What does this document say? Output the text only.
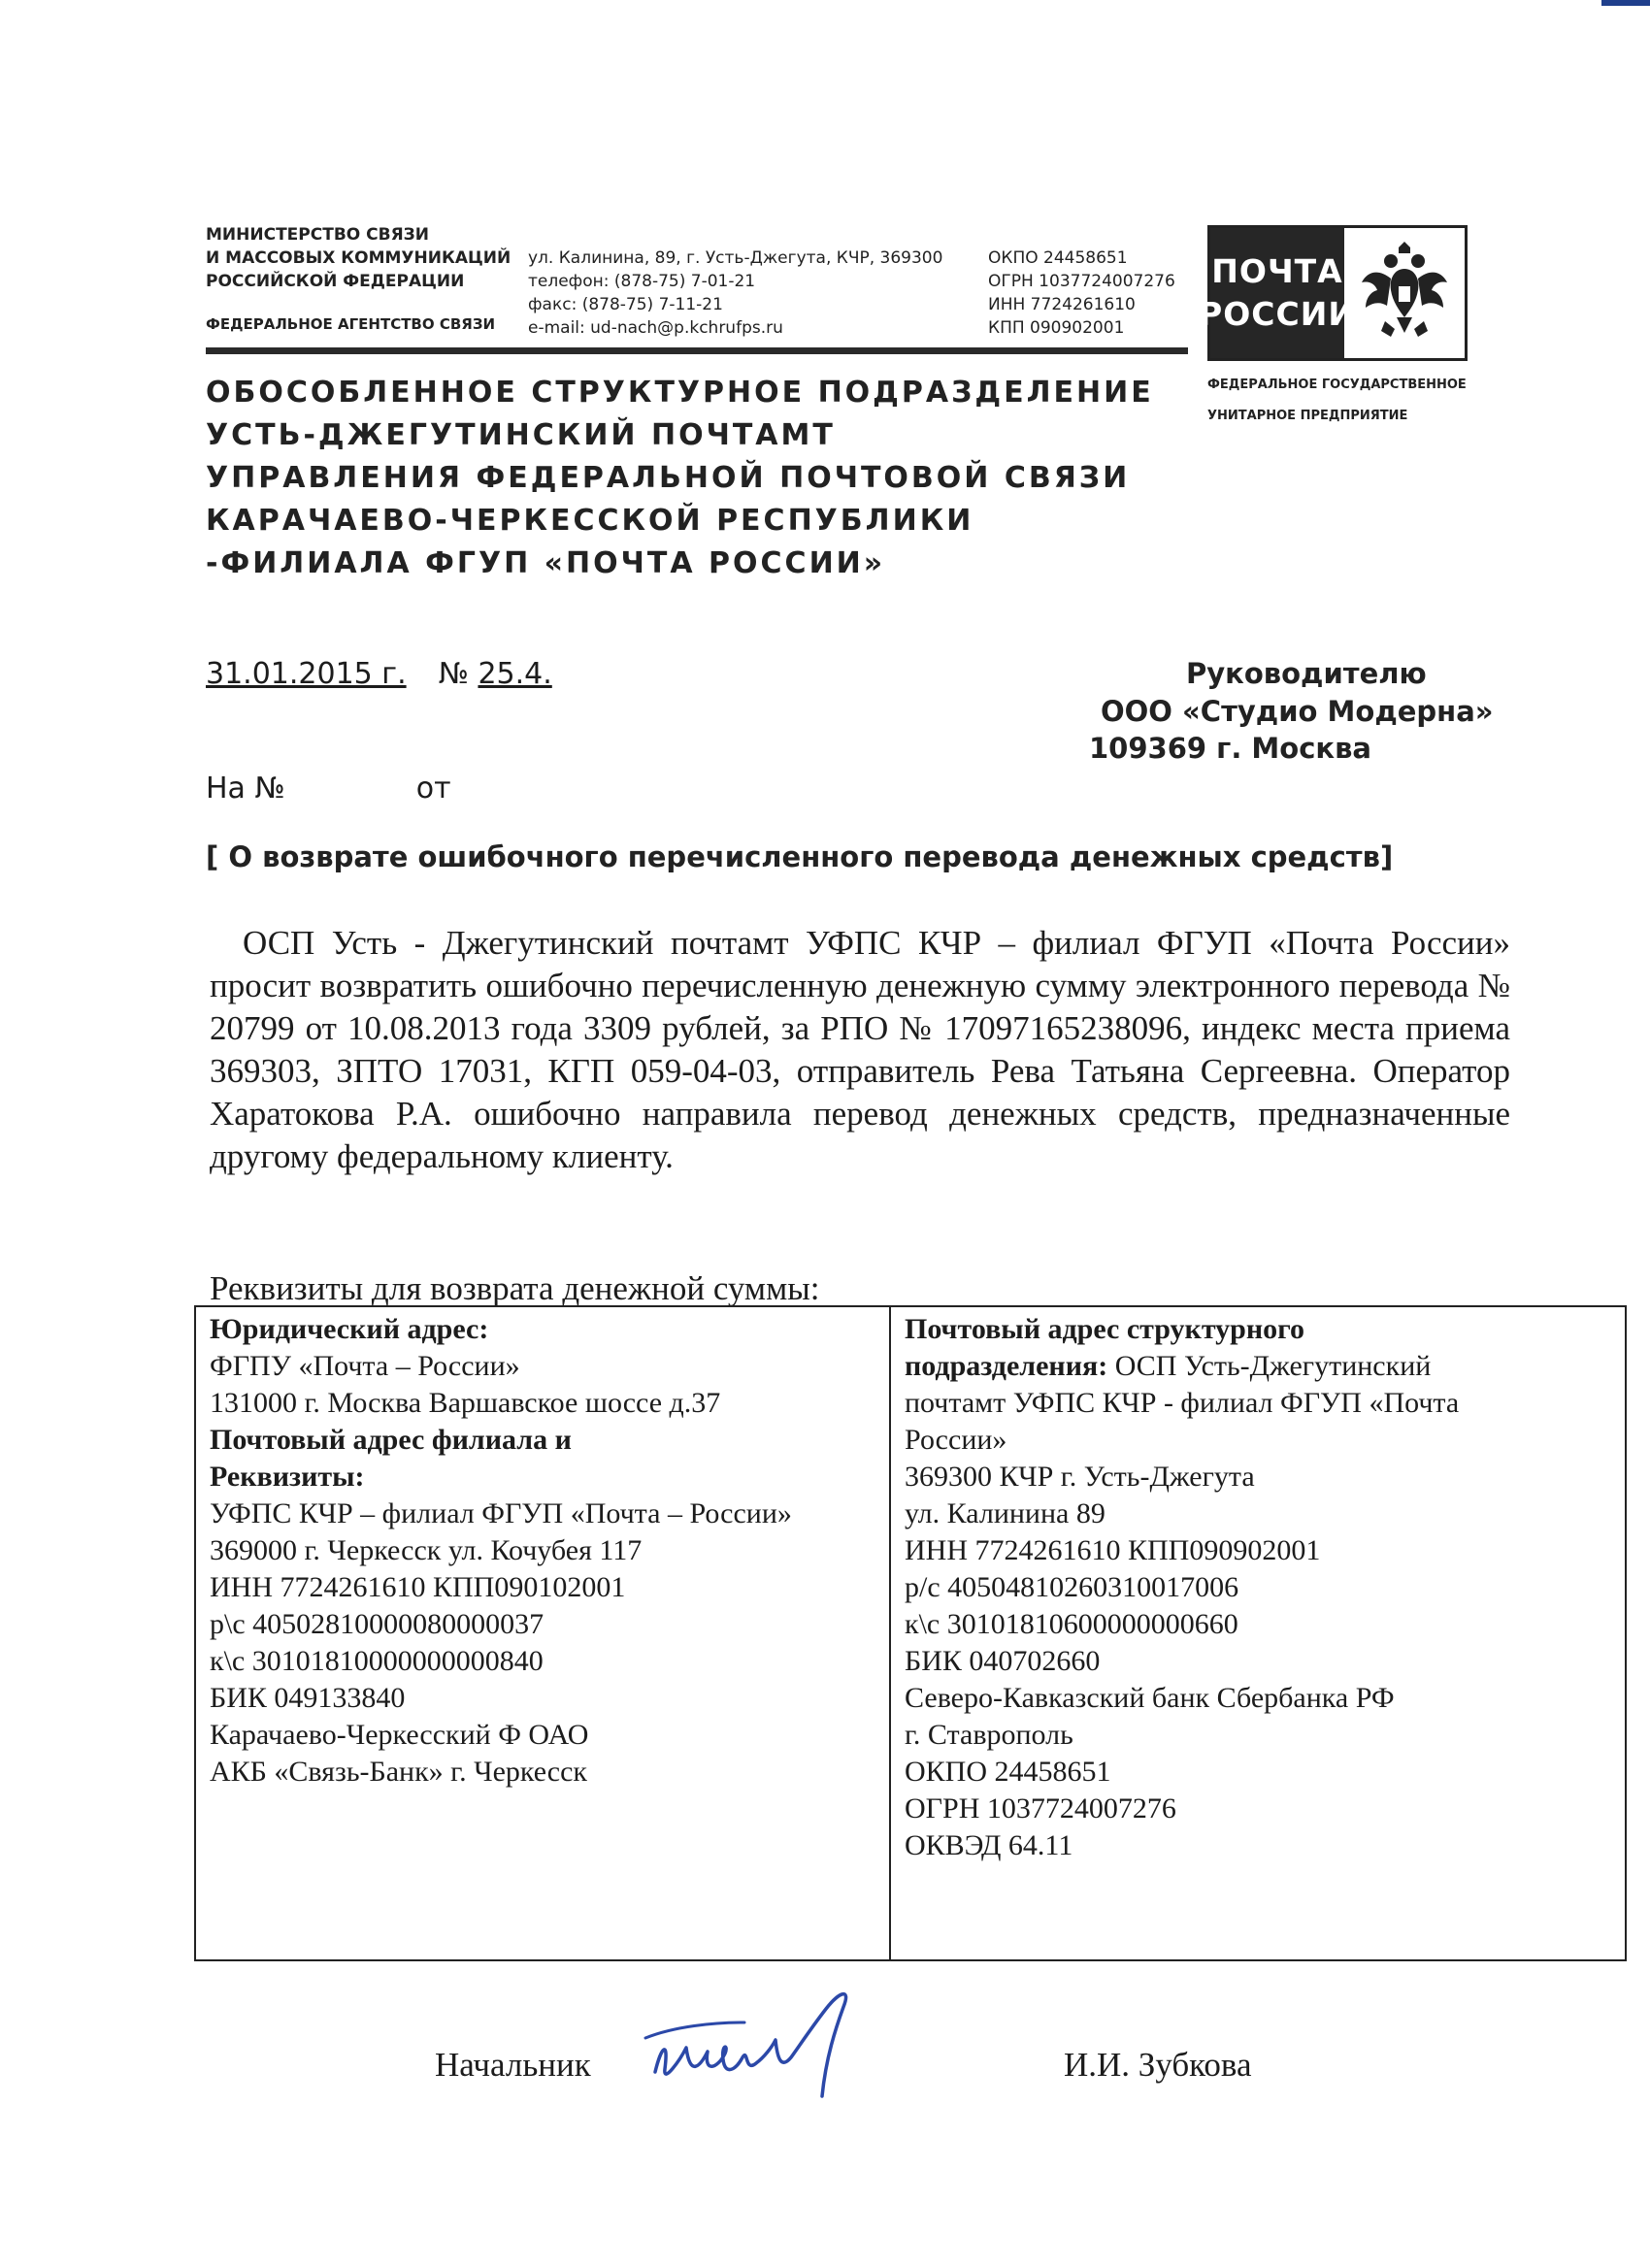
МИНИСТЕРСТВО СВЯЗИ
И МАССОВЫХ КОММУНИКАЦИЙ
РОССИЙСКОЙ ФЕДЕРАЦИИ
ФЕДЕРАЛЬНОЕ АГЕНТСТВО СВЯЗИ
ул. Калинина, 89, г. Усть-Джегута, КЧР, 369300
телефон: (878-75) 7-01-21
факс: (878-75) 7-11-21
e-mail: ud-nach@p.kchrufps.ru
ОКПО 24458651
ОГРН 1037724007276
ИНН 7724261610
КПП 090902001
ПОЧТА
РОССИИ
ФЕДЕРАЛЬНОЕ ГОСУДАРСТВЕННОЕ
УНИТАРНОЕ ПРЕДПРИЯТИЕ
ОБОСОБЛЕННОЕ СТРУКТУРНОЕ ПОДРАЗДЕЛЕНИЕ
УСТЬ-ДЖЕГУТИНСКИЙ ПОЧТАМТ
УПРАВЛЕНИЯ ФЕДЕРАЛЬНОЙ ПОЧТОВОЙ СВЯЗИ
КАРАЧАЕВО-ЧЕРКЕССКОЙ РЕСПУБЛИКИ
-ФИЛИАЛА ФГУП «ПОЧТА РОССИИ»
31.01.2015 г. № 25.4.
На №	от
Руководителю
ООО «Студио Модерна»
109369 г. Москва
[ О возврате ошибочного перечисленного перевода денежных средств]
ОСП Усть - Джегутинский почтамт УФПС КЧР – филиал ФГУП «Почта России» просит возвратить ошибочно перечисленную денежную сумму электронного перевода № 20799 от 10.08.2013 года 3309 рублей, за РПО № 17097165238096, индекс места приема 369303, ЗПТО 17031, КГП 059-04-03, отправитель Рева Татьяна Сергеевна. Оператор Харатокова Р.А. ошибочно направила перевод денежных средств, предназначенные другому федеральному клиенту.
Реквизиты для возврата денежной суммы:
Юридический адрес:
ФГПУ «Почта – России»
131000 г. Москва Варшавское шоссе д.37
Почтовый адрес филиала и
Реквизиты:
УФПС КЧР – филиал ФГУП «Почта – России»
369000 г. Черкесск ул. Кочубея 117
ИНН 7724261610 КПП090102001
р\с 40502810000080000037
к\с 30101810000000000840
БИК 049133840
Карачаево-Черкесский Ф ОАО
АКБ «Связь-Банк» г. Черкесск
Почтовый адрес структурного
подразделения: ОСП Усть-Джегутинский
почтамт УФПС КЧР - филиал ФГУП «Почта
России»
369300 КЧР г. Усть-Джегута
ул. Калинина 89
ИНН 7724261610 КПП090902001
р/с 40504810260310017006
к\с 30101810600000000660
БИК 040702660
Северо-Кавказский банк Сбербанка РФ
г. Ставрополь
ОКПО 24458651
ОГРН 1037724007276
ОКВЭД 64.11
Начальник	И.И. Зубкова
